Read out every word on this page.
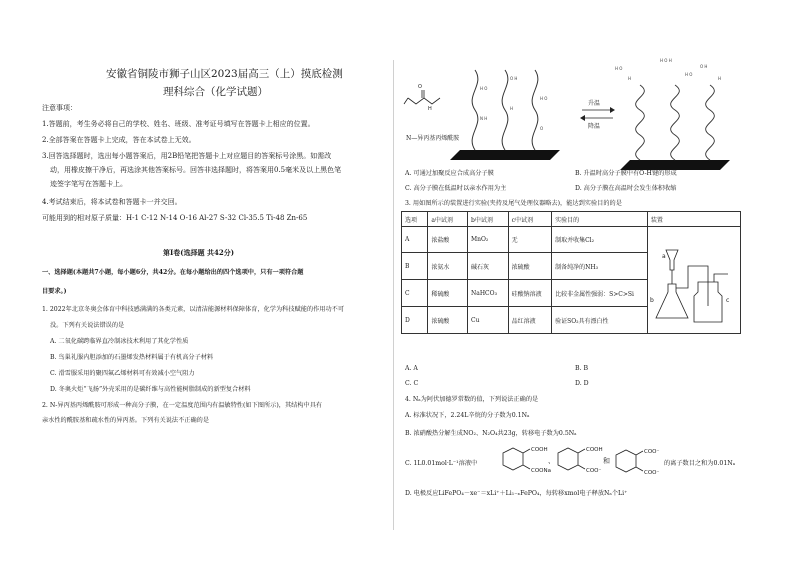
安徽省铜陵市狮子山区2023届高三（上）摸底检测
理科综合（化学试题）
注意事项：
1.答题前，考生务必将自己的学校、姓名、班级、准考证号填写在答题卡上相应的位置。
2.全部答案在答题卡上完成，答在本试卷上无效。
3.回答选择题时，选出每小题答案后，用2B铅笔把答题卡上对应题目的答案标号涂黑。如需改
动，用橡皮擦干净后，再选涂其他答案标号。回答非选择题时，将答案用0.5毫米及以上黑色笔
迹签字笔写在答题卡上。
4.考试结束后，将本试卷和答题卡一并交回。
可能用到的相对原子质量：H-1 C-12 N-14 O-16 Al-27 S-32 Cl-35.5 Ti-48 Zn-65
第Ⅰ卷(选择题 共42分)
一、选择题(本题共7小题，每小题6分，共42分。在每小题给出的四个选项中，只有一项符合题
目要求。)
1. 2022年北京冬奥会体育中科技感满满的各类元素，以清洁能源材料保障体育，化学为科技赋能的作用功不可
没。下列有关说法错误的是
A. 二氧化碳跨临界直冷制冰技术利用了其化学性质
B. 鸟巢礼服内胆添加的石墨烯发热材料属于有机高分子材料
C. 滑雪服采用的聚四氟乙烯材料可有效减小空气阻力
D. 冬奥火炬“飞扬”外壳采用的是碳纤维与高性能树脂制成的新型复合材料
2. N-异丙基丙烯酰胺可形成一种高分子膜，在一定温度范围内有温敏特性(如下图所示)，其结构中具有
亲水性的酰胺基和疏水性的异丙基。下列有关说法不正确的是
O
H
N—异丙基丙烯酰胺
H O
O H
H O
N H
H
O
升温
降温
H O
H O H
O H
H
H O
H
A. 可通过加聚反应合成高分子膜	B. 升温时高分子膜中有O-H键的形成
C. 高分子膜在低温时以亲水作用为主	D. 高分子膜在高温时会发生体积收缩
3. 用如图所示的装置进行实验(夹持及尾气处理仪器略去)，能达到实验目的的是
选项	a中试剂	b中试剂	c中试剂	实验目的	装置
A	浓盐酸	MnO₂	无	制取并收集Cl₂	
B	浓氨水	碱石灰	浓硫酸	制备纯净的NH₃	
C	稀硫酸	NaHCO₃	硅酸钠溶液	比较非金属性强弱：S>C>Si	
D	浓硫酸	Cu	品红溶液	验证SO₂具有漂白性	
a
b	c
A. A	B. B
C. C	D. D
4. Nₐ为阿伏加德罗常数的值，下列说法正确的是
A. 标准状况下，2.24L辛烷的分子数为0.1Nₐ
B. 浓硝酸热分解生成NO₂、N₂O₄共23g，转移电子数为0.5Nₐ
C. 1L0.01mol·L⁻¹溶液中
COOH
COONa
COOH
COO⁻
COO⁻
COO⁻
、	和	的离子数目之和为0.01Nₐ
D. 电极反应LiFePO₄－xe⁻＝xLi⁺＋Li₁₋ₓFePO₄，每转移xmol电子释放Nₐ个Li⁺
